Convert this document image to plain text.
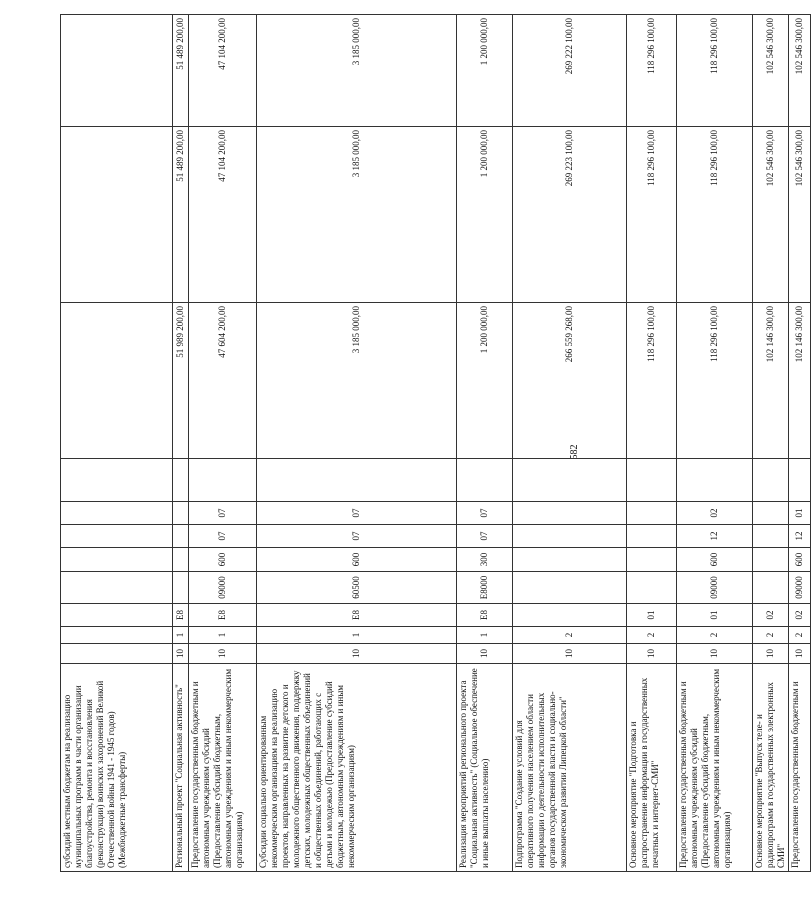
582
субсидий местным бюджетам на реализацию муниципальных программ в части организации благоустройства, ремонта и восстановления (реконструкции) воинских захоронений Великой Отечественной войны 1941 - 1945 годов) (Межбюджетные трансферты)											
Региональный проект "Социальная активность"	10	1	E8						51 989 200,00	51 489 200,00	51 489 200,00
Предоставление государственным бюджетным и автономным учреждениям субсидий (Предоставление субсидий бюджетным, автономным учреждениям и иным некоммерческим организациям)	10	1	E8	09000	600	07	07		47 604 200,00	47 104 200,00	47 104 200,00
Субсидии социально ориентированным некоммерческим организациям на реализацию проектов, направленных на развитие детского и молодежного общественного движения, поддержку детских, молодежных общественных объединений и общественных объединений, работающих с детьми и молодежью (Предоставление субсидий бюджетным, автономным учреждениям и иным некоммерческим организациям)	10	1	E8	60500	600	07	07		3 185 000,00	3 185 000,00	3 185 000,00
Реализация мероприятий регионального проекта "Социальная активность" (Социальное обеспечение и иные выплаты населению)	10	1	E8	E8000	300	07	07		1 200 000,00	1 200 000,00	1 200 000,00
Подпрограмма "Создание условий для оперативного получения населением области информации о деятельности исполнительных органов государственной власти и социально-экономическом развитии Липецкой области"	10	2							266 559 268,00	269 223 100,00	269 222 100,00
Основное мероприятие "Подготовка и распространение информации в государственных печатных и интернет-СМИ"	10	2	01						118 296 100,00	118 296 100,00	118 296 100,00
Предоставление государственным бюджетным и автономным учреждениям субсидий (Предоставление субсидий бюджетным, автономным учреждениям и иным некоммерческим организациям)	10	2	01	09000	600	12	02		118 296 100,00	118 296 100,00	118 296 100,00
Основное мероприятие "Выпуск теле- и радиопрограмм в государственных электронных СМИ"	10	2	02						102 146 300,00	102 546 300,00	102 546 300,00
Предоставление государственным бюджетным и	10	2	02	09000	600	12	01		102 146 300,00	102 546 300,00	102 546 300,00
